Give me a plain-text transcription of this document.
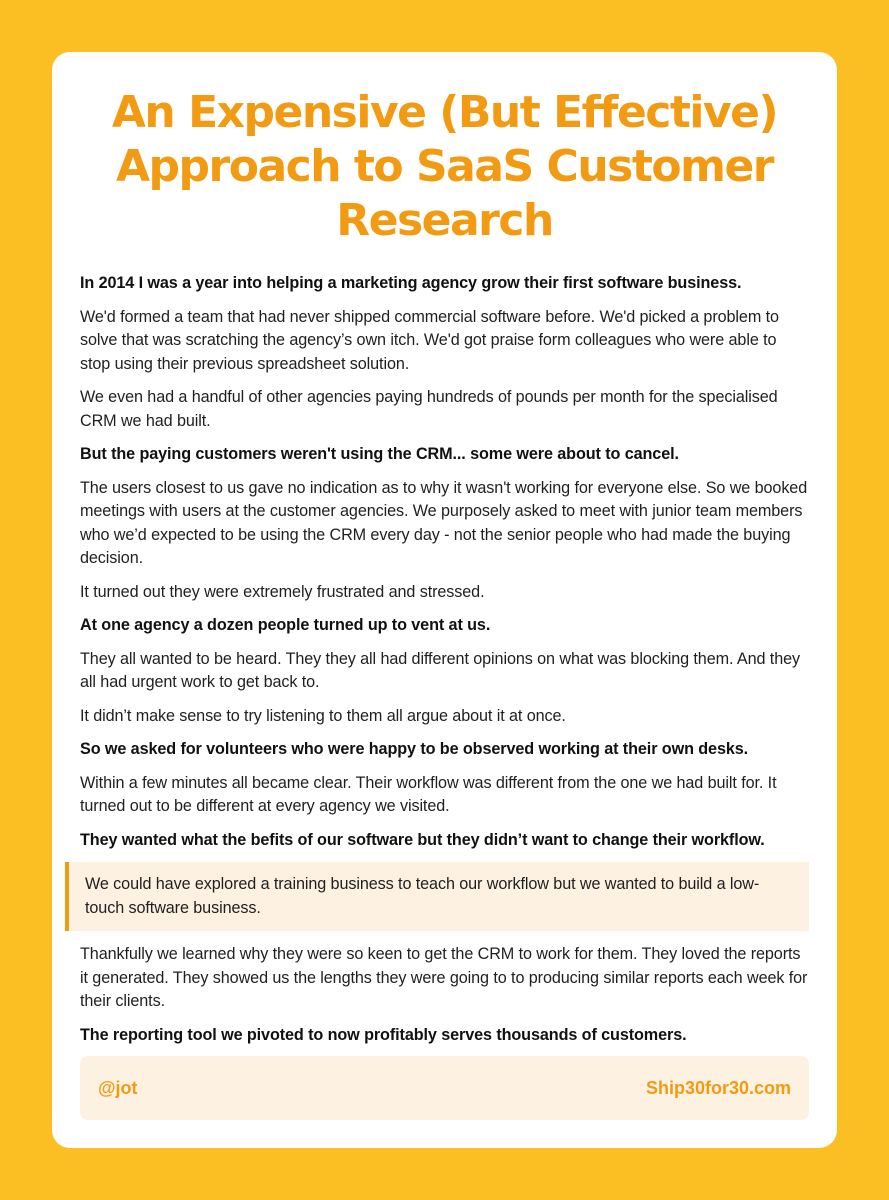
An Expensive (But Effective) Approach to SaaS Customer Research

In 2014 I was a year into helping a marketing agency grow their first software business.

We'd formed a team that had never shipped commercial software before. We'd picked a problem to solve that was scratching the agency’s own itch. We'd got praise form colleagues who were able to stop using their previous spreadsheet solution.

We even had a handful of other agencies paying hundreds of pounds per month for the specialised CRM we had built.

But the paying customers weren't using the CRM... some were about to cancel.

The users closest to us gave no indication as to why it wasn't working for everyone else. So we booked meetings with users at the customer agencies. We purposely asked to meet with junior team members who we’d expected to be using the CRM every day - not the senior people who had made the buying decision.

It turned out they were extremely frustrated and stressed.

At one agency a dozen people turned up to vent at us.

They all wanted to be heard. They they all had different opinions on what was blocking them. And they all had urgent work to get back to.

It didn’t make sense to try listening to them all argue about it at once.

So we asked for volunteers who were happy to be observed working at their own desks.

Within a few minutes all became clear. Their workflow was different from the one we had built for. It turned out to be different at every agency we visited.

They wanted what the befits of our software but they didn’t want to change their workflow.

We could have explored a training business to teach our workflow but we wanted to build a low-touch software business.

Thankfully we learned why they were so keen to get the CRM to work for them. They loved the reports it generated. They showed us the lengths they were going to to producing similar reports each week for their clients.

The reporting tool we pivoted to now profitably serves thousands of customers.

@jot	Ship30for30.com
